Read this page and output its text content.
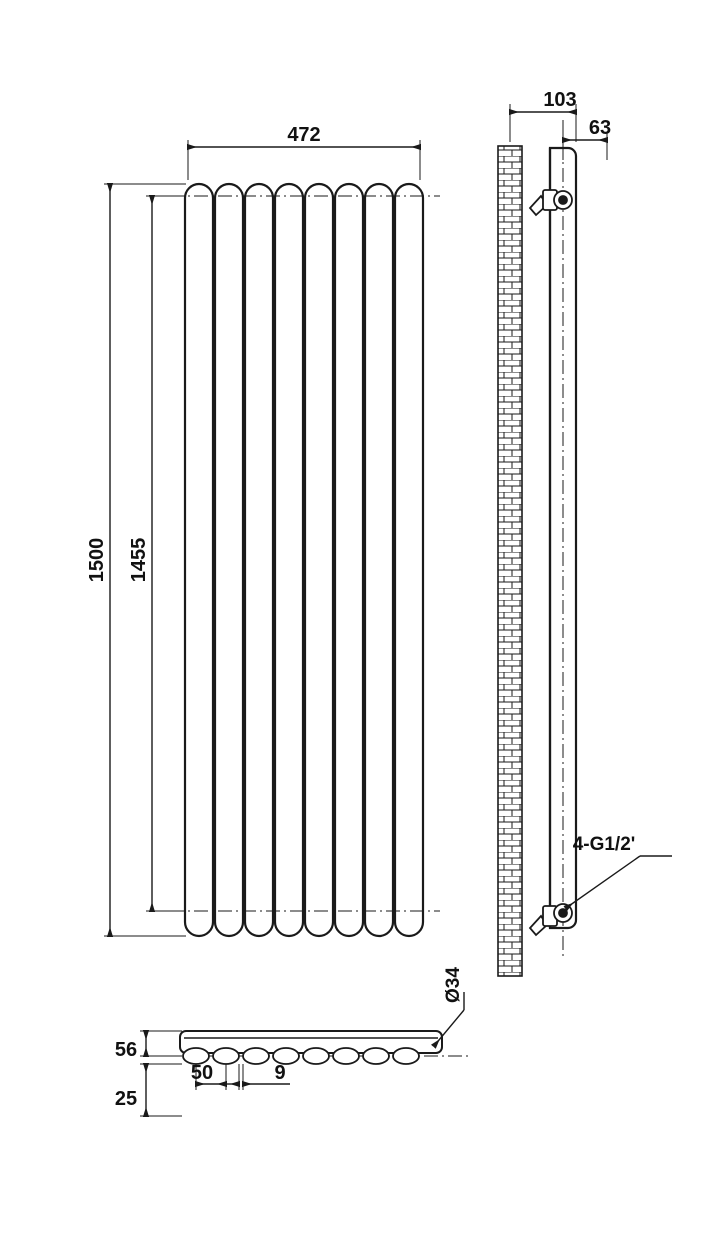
472
1500 1455
4-G1/2'
103
63
Ø34
56
25
50	9
